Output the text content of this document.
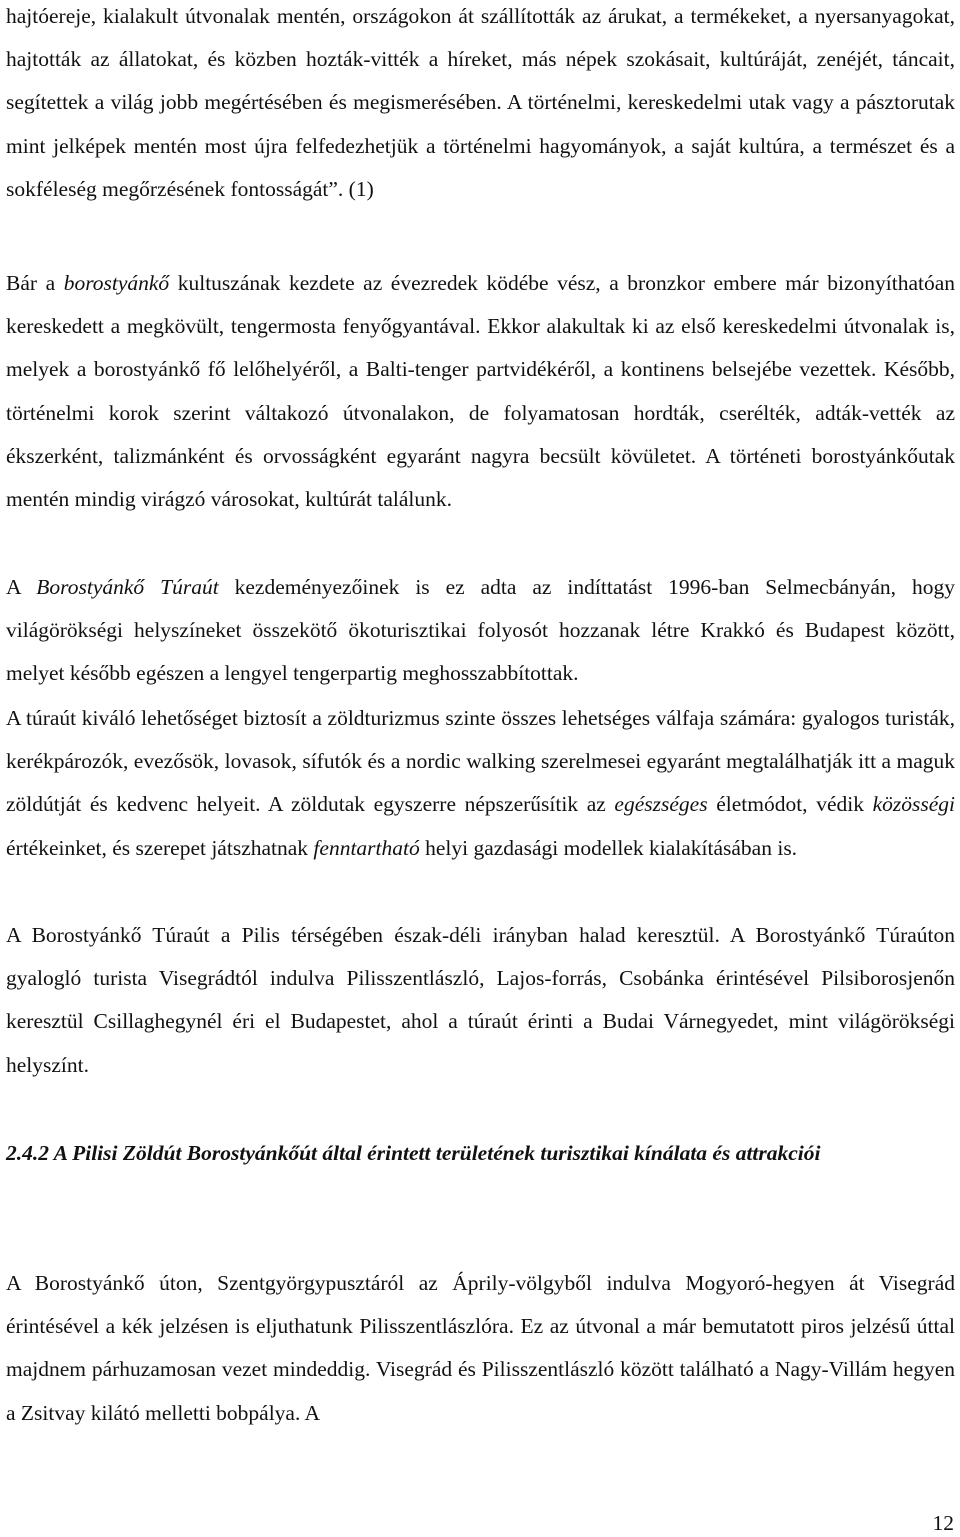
hajtóereje, kialakult útvonalak mentén, országokon át szállították az árukat, a termékeket, a nyersanyagokat, hajtották az állatokat, és közben hozták-vitték a híreket, más népek szokásait, kultúráját, zenéjét, táncait, segítettek a világ jobb megértésében és megismerésében. A történelmi, kereskedelmi utak vagy a pásztorutak mint jelképek mentén most újra felfedezhetjük a történelmi hagyományok, a saját kultúra, a természet és a sokféleség megőrzésének fontosságát”. (1)

Bár a borostyánkő kultuszának kezdete az évezredek ködébe vész, a bronzkor embere már bizonyíthatóan kereskedett a megkövült, tengermosta fenyőgyantával. Ekkor alakultak ki az első kereskedelmi útvonalak is, melyek a borostyánkő fő lelőhelyéről, a Balti-tenger partvidékéről, a kontinens belsejébe vezettek. Később, történelmi korok szerint váltakozó útvonalakon, de folyamatosan hordták, cserélték, adták-vették az ékszerként, talizmánként és orvosságként egyaránt nagyra becsült kövületet. A történeti borostyánkőutak mentén mindig virágzó városokat, kultúrát találunk.

A Borostyánkő Túraút kezdeményezőinek is ez adta az indíttatást 1996-ban Selmecbányán, hogy világörökségi helyszíneket összekötő ökoturisztikai folyosót hozzanak létre Krakkó és Budapest között, melyet később egészen a lengyel tengerpartig meghosszabbítottak.

A túraút kiváló lehetőséget biztosít a zöldturizmus szinte összes lehetséges válfaja számára: gyalogos turisták, kerékpározók, evezősök, lovasok, sífutók és a nordic walking szerelmesei egyaránt megtalálhatják itt a maguk zöldútját és kedvenc helyeit. A zöldutak egyszerre népszerűsítik az egészséges életmódot, védik közösségi értékeinket, és szerepet játszhatnak fenntartható helyi gazdasági modellek kialakításában is.

A Borostyánkő Túraút a Pilis térségében észak-déli irányban halad keresztül. A Borostyánkő Túraúton gyalogló turista Visegrádtól indulva Pilisszentlászló, Lajos-forrás, Csobánka érintésével Pilsiborosjenőn keresztül Csillaghegynél éri el Budapestet, ahol a túraút érinti a Budai Várnegyedet, mint világörökségi helyszínt.

2.4.2 A Pilisi Zöldút Borostyánkőút által érintett területének turisztikai kínálata és attrakciói

A Borostyánkő úton, Szentgyörgypusztáról az Áprily-völgyből indulva Mogyoró-hegyen át Visegrád érintésével a kék jelzésen is eljuthatunk Pilisszentlászlóra. Ez az útvonal a már bemutatott piros jelzésű úttal majdnem párhuzamosan vezet mindeddig. Visegrád és Pilisszentlászló között található a Nagy-Villám hegyen a Zsitvay kilátó melletti bobpálya. A

12
